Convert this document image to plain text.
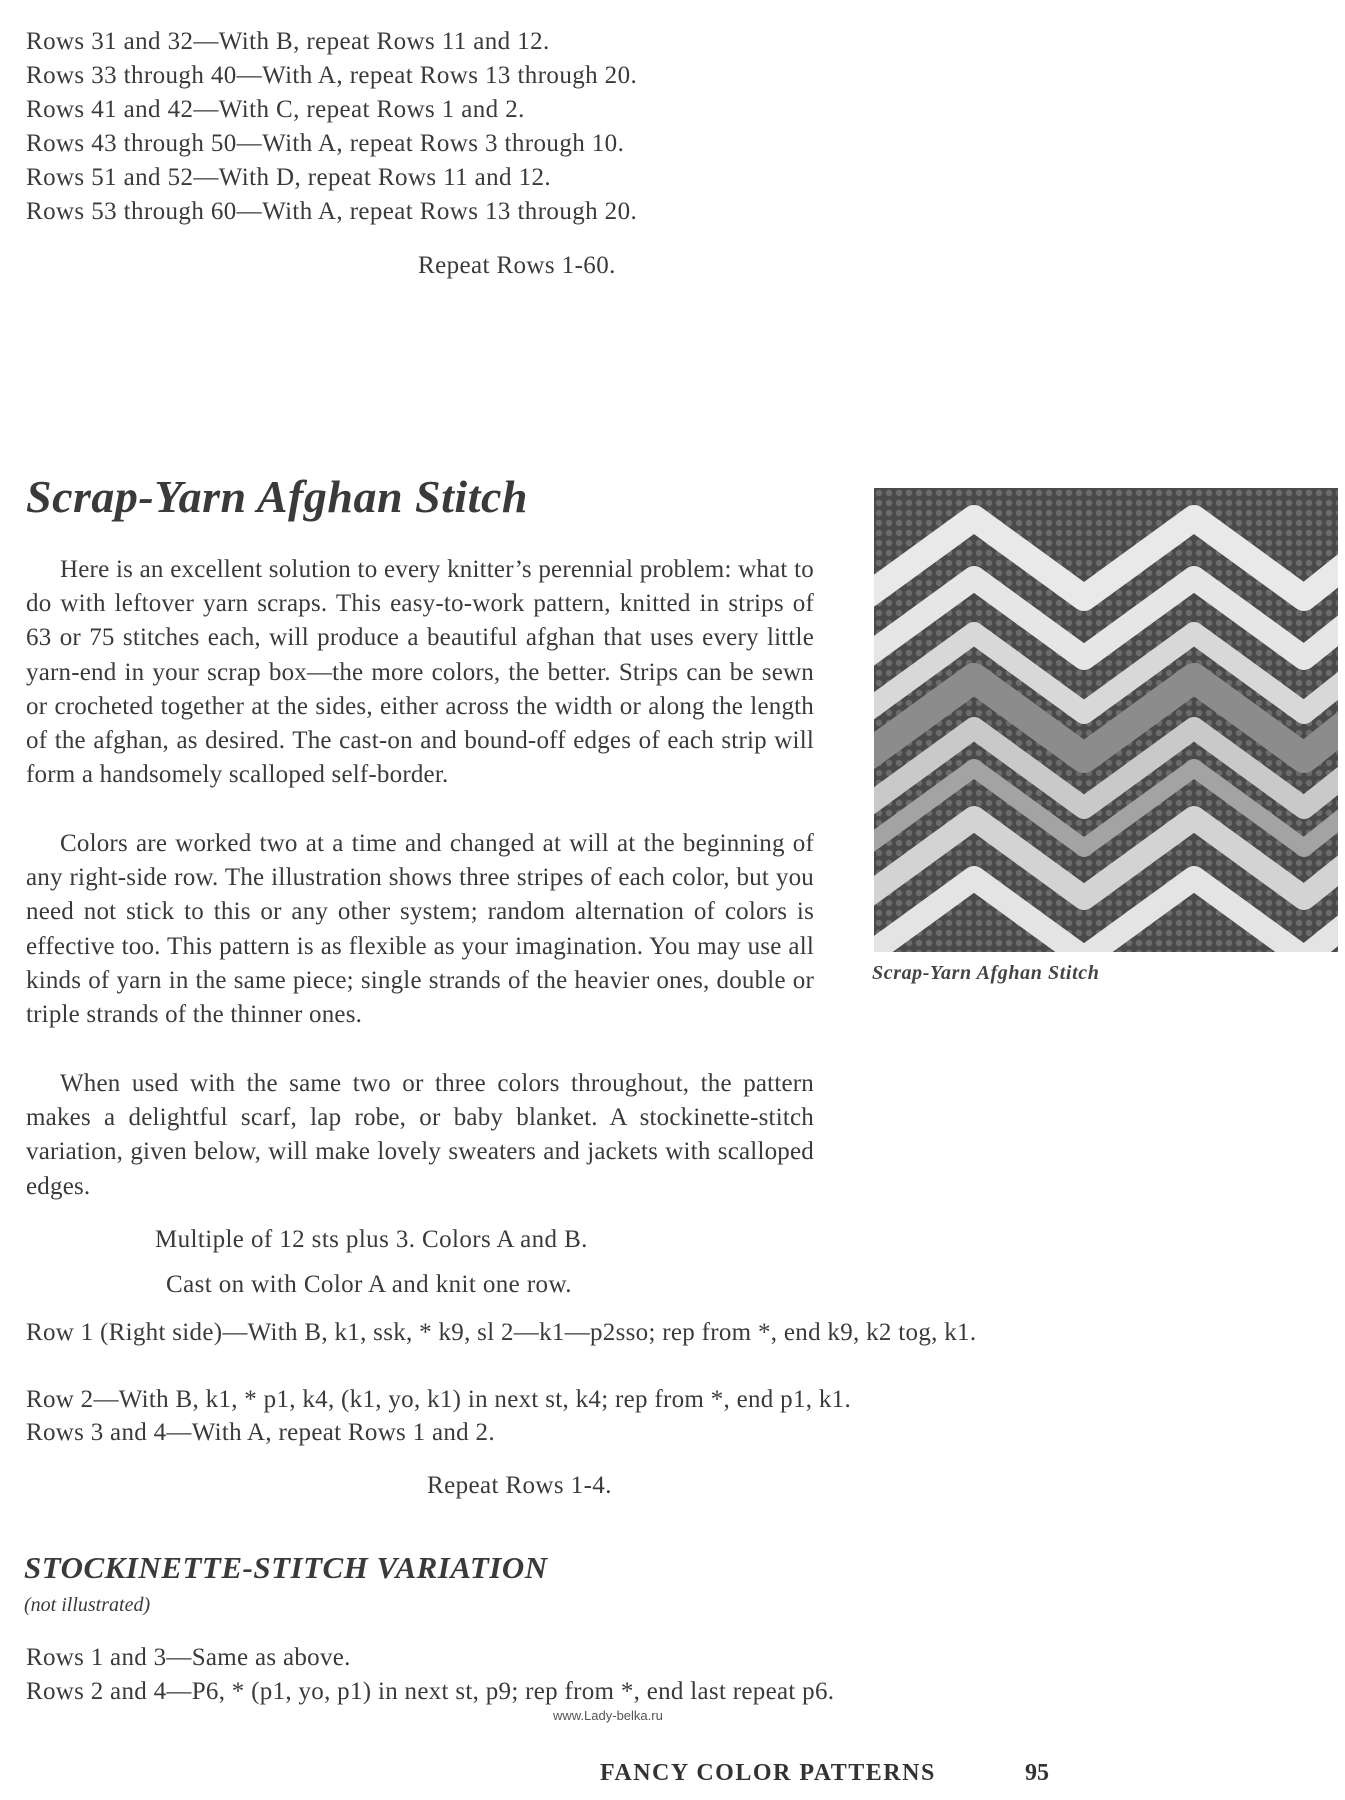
Rows 31 and 32—With B, repeat Rows 11 and 12.
Rows 33 through 40—With A, repeat Rows 13 through 20.
Rows 41 and 42—With C, repeat Rows 1 and 2.
Rows 43 through 50—With A, repeat Rows 3 through 10.
Rows 51 and 52—With D, repeat Rows 11 and 12.
Rows 53 through 60—With A, repeat Rows 13 through 20.
Repeat Rows 1-60.
Scrap-Yarn Afghan Stitch
Here is an excellent solution to every knitter’s perennial problem: what to do with leftover yarn scraps. This easy-to-work pattern, knitted in strips of 63 or 75 stitches each, will produce a beautiful afghan that uses every little yarn-end in your scrap box—the more colors, the better. Strips can be sewn or crocheted together at the sides, either across the width or along the length of the afghan, as desired. The cast-on and bound-off edges of each strip will form a handsomely scalloped self-border.
Colors are worked two at a time and changed at will at the beginning of any right-side row. The illustration shows three stripes of each color, but you need not stick to this or any other system; random alternation of colors is effective too. This pattern is as flexible as your imagination. You may use all kinds of yarn in the same piece; single strands of the heavier ones, double or triple strands of the thinner ones.
When used with the same two or three colors throughout, the pattern makes a delightful scarf, lap robe, or baby blanket. A stockinette-stitch variation, given below, will make lovely sweaters and jackets with scalloped edges.
Scrap-Yarn Afghan Stitch
Multiple of 12 sts plus 3. Colors A and B.
Cast on with Color A and knit one row.
Row 1 (Right side)—With B, k1, ssk, * k9, sl 2—k1—p2sso; rep from *, end k9, k2 tog, k1.
Row 2—With B, k1, * p1, k4, (k1, yo, k1) in next st, k4; rep from *, end p1, k1.
Rows 3 and 4—With A, repeat Rows 1 and 2.
Repeat Rows 1-4.
STOCKINETTE-STITCH VARIATION
(not illustrated)
Rows 1 and 3—Same as above.
Rows 2 and 4—P6, * (p1, yo, p1) in next st, p9; rep from *, end last repeat p6.
www.Lady-belka.ru
FANCY COLOR PATTERNS	95
